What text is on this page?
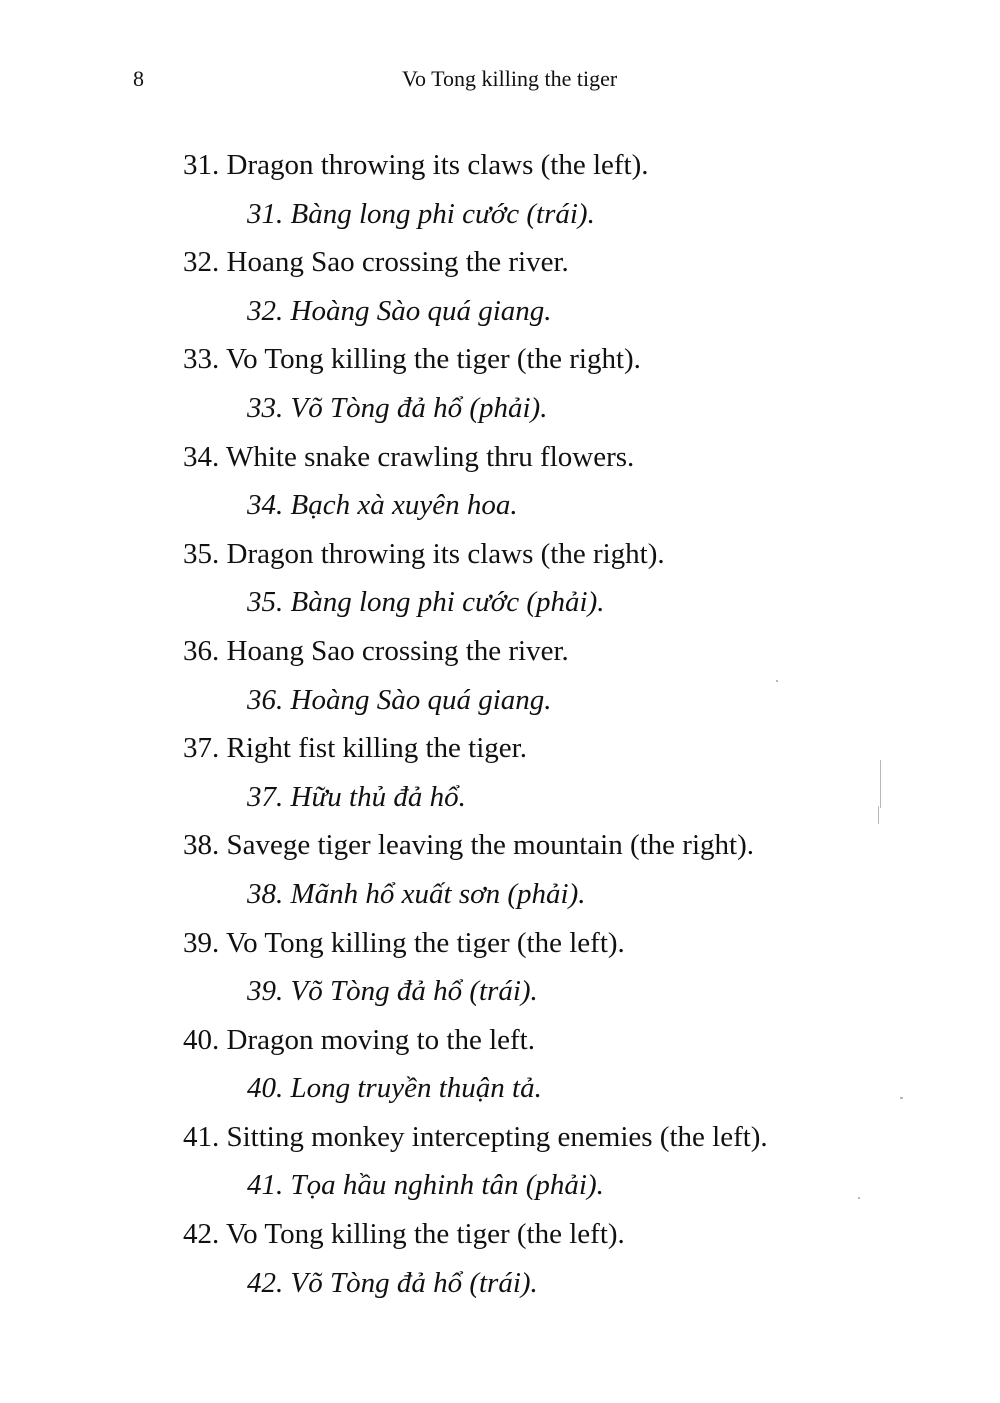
8	Vo Tong killing the tiger
31. Dragon throwing its claws (the left).
31. Bàng long phi cước (trái).
32. Hoang Sao crossing the river.
32. Hoàng Sào quá giang.
33. Vo Tong killing the tiger (the right).
33. Võ Tòng đả hổ (phải).
34. White snake crawling thru flowers.
34. Bạch xà xuyên hoa.
35. Dragon throwing its claws (the right).
35. Bàng long phi cước (phải).
36. Hoang Sao crossing the river.
36. Hoàng Sào quá giang.
37. Right fist killing the tiger.
37. Hữu thủ đả hổ.
38. Savege tiger leaving the mountain (the right).
38. Mãnh hổ xuất sơn (phải).
39. Vo Tong killing the tiger (the left).
39. Võ Tòng đả hổ (trái).
40. Dragon moving to the left.
40. Long truyền thuận tả.
41. Sitting monkey intercepting enemies (the left).
41. Tọa hầu nghinh tân (phải).
42. Vo Tong killing the tiger (the left).
42. Võ Tòng đả hổ (trái).
